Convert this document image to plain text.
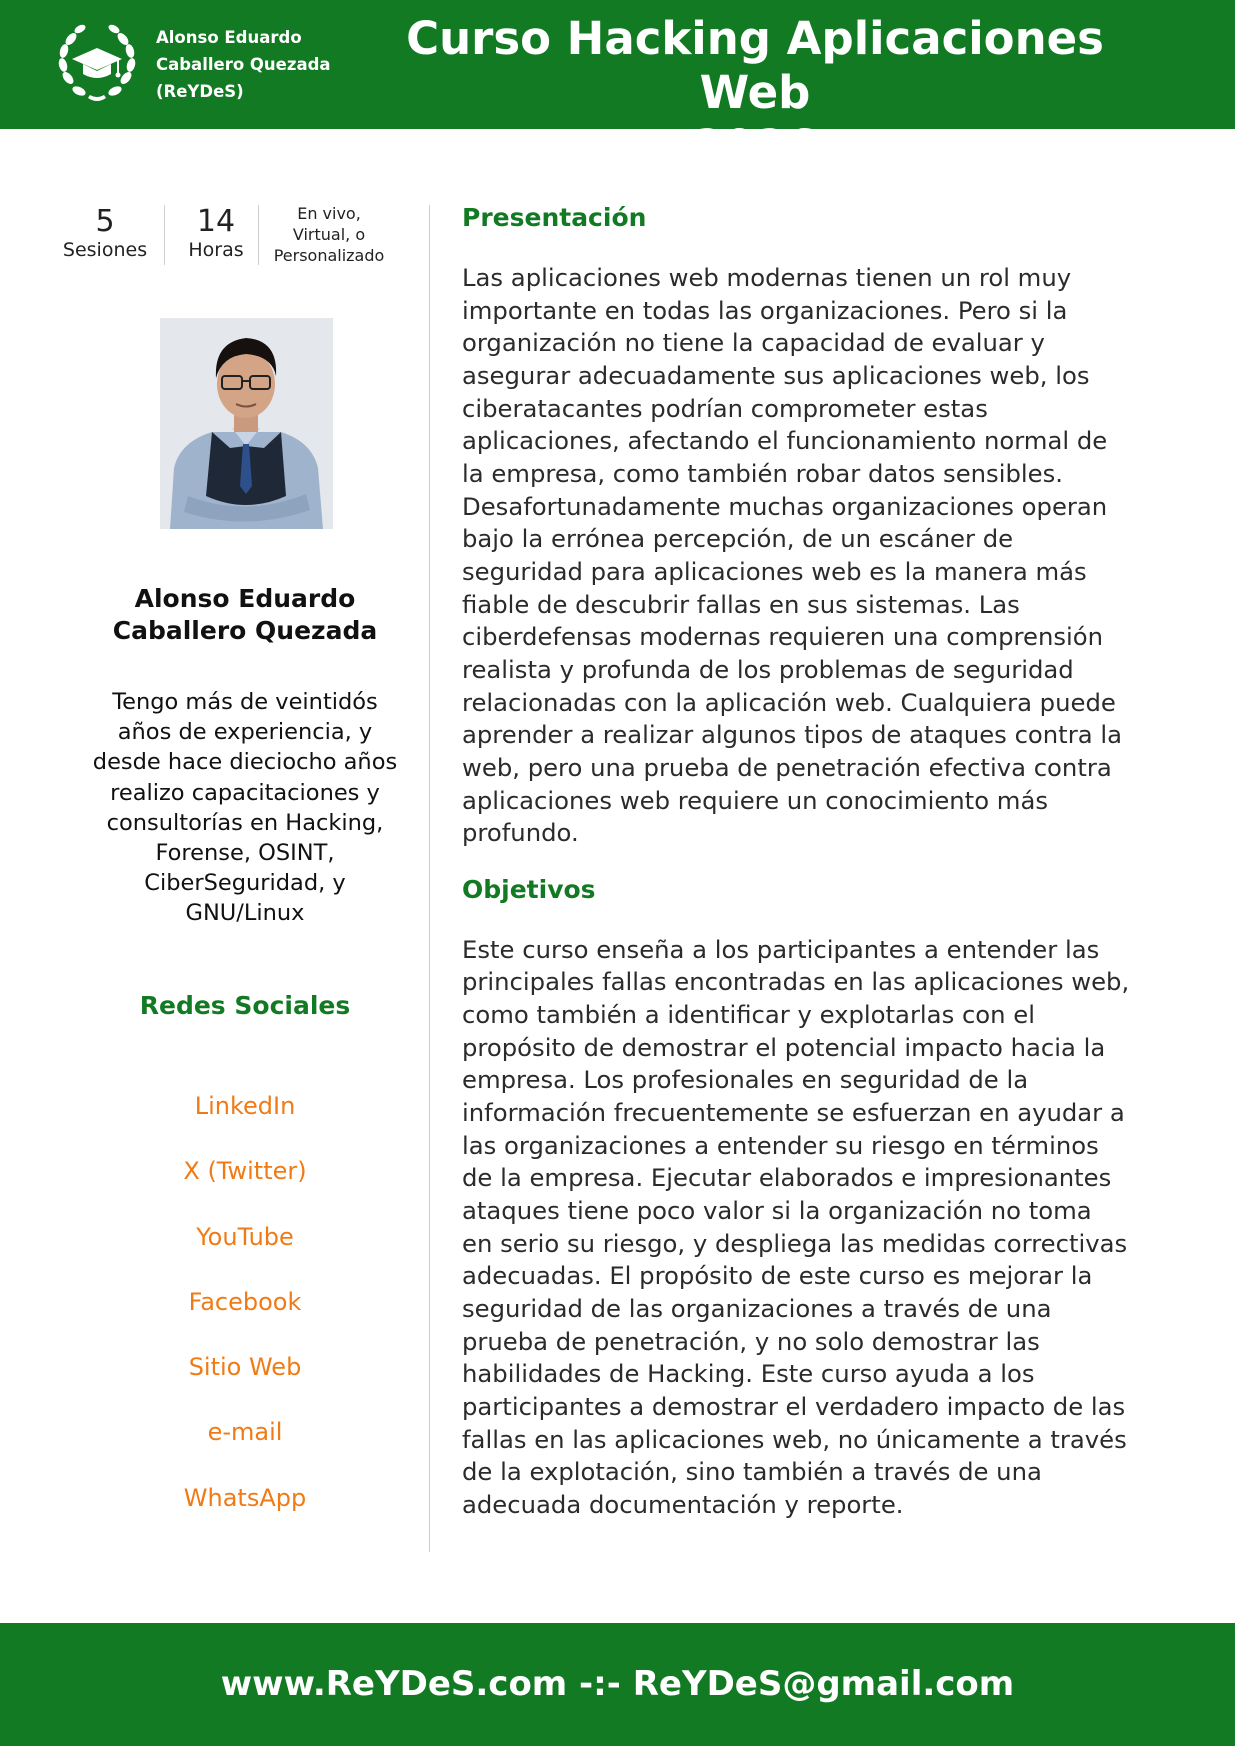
Alonso Eduardo
Caballero Quezada
(ReYDeS)
Curso Hacking Aplicaciones Web
2026
5
Sesiones
14
Horas
En vivo,
Virtual, o
Personalizado
Alonso Eduardo
Caballero Quezada
Tengo más de veintidós
años de experiencia, y
desde hace dieciocho años
realizo capacitaciones y
consultorías en Hacking,
Forense, OSINT,
CiberSeguridad, y
GNU/Linux
Redes Sociales
LinkedIn
X (Twitter)
YouTube
Facebook
Sitio Web
e-mail
WhatsApp
Presentación
Las aplicaciones web modernas tienen un rol muy
importante en todas las organizaciones. Pero si la
organización no tiene la capacidad de evaluar y
asegurar adecuadamente sus aplicaciones web, los
ciberatacantes podrían comprometer estas
aplicaciones, afectando el funcionamiento normal de
la empresa, como también robar datos sensibles.
Desafortunadamente muchas organizaciones operan
bajo la errónea percepción, de un escáner de
seguridad para aplicaciones web es la manera más
fiable de descubrir fallas en sus sistemas. Las
ciberdefensas modernas requieren una comprensión
realista y profunda de los problemas de seguridad
relacionadas con la aplicación web. Cualquiera puede
aprender a realizar algunos tipos de ataques contra la
web, pero una prueba de penetración efectiva contra
aplicaciones web requiere un conocimiento más
profundo.
Objetivos
Este curso enseña a los participantes a entender las
principales fallas encontradas en las aplicaciones web,
como también a identificar y explotarlas con el
propósito de demostrar el potencial impacto hacia la
empresa. Los profesionales en seguridad de la
información frecuentemente se esfuerzan en ayudar a
las organizaciones a entender su riesgo en términos
de la empresa. Ejecutar elaborados e impresionantes
ataques tiene poco valor si la organización no toma
en serio su riesgo, y despliega las medidas correctivas
adecuadas. El propósito de este curso es mejorar la
seguridad de las organizaciones a través de una
prueba de penetración, y no solo demostrar las
habilidades de Hacking. Este curso ayuda a los
participantes a demostrar el verdadero impacto de las
fallas en las aplicaciones web, no únicamente a través
de la explotación, sino también a través de una
adecuada documentación y reporte.
www.ReYDeS.com -:- ReYDeS@gmail.com
